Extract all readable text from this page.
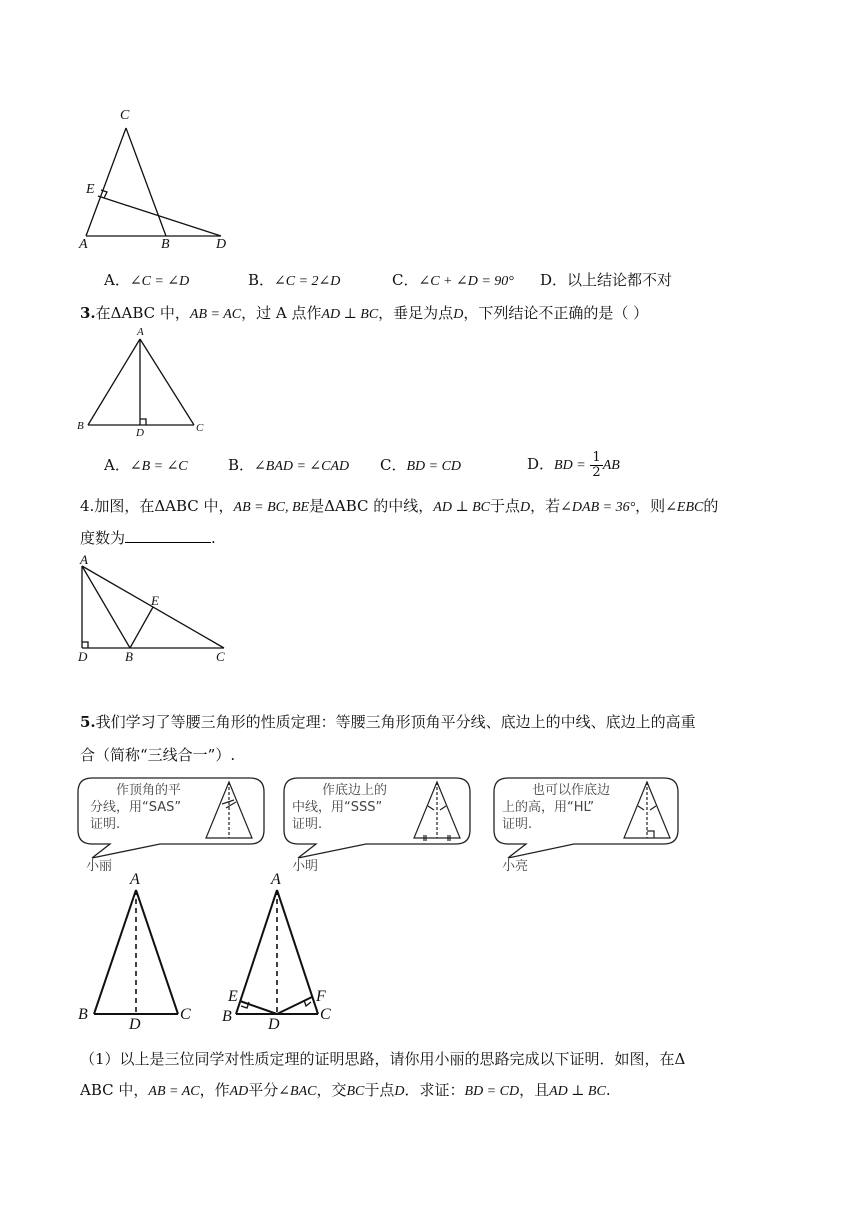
C
E
A	B	D
A．∠C = ∠D	B．∠C = 2∠D	C．∠C + ∠D = 90° D．以上结论都不对
3.在ΔABC 中，AB = AC，过 A 点作AD ⊥ BC，垂足为点D，下列结论不正确的是（ ）
A
B	C
D
A．∠B = ∠C	B．∠BAD = ∠CAD C．BD = CD	D．BD = $\frac{1}{2}$ AB
4.加图，在ΔABC 中，AB = BC, BE是ΔABC 的中线，AD ⊥ BC于点D，若∠DAB = 36°，则∠EBC的
度数为	.
A
E
D	B	C
5.我们学习了等腰三角形的性质定理：等腰三角形顶角平分线、底边上的中线、底边上的高重
合（简称“三线合一”）.
作顶角的平
分线，用“SAS”
证明.
作底边上的
中线，用“SSS”
证明.
也可以作底边
上的高，用“HL”
证明.
小丽	小明	小亮
A
B	C
D
A
B	C
D
E	F
（1）以上是三位同学对性质定理的证明思路，请你用小丽的思路完成以下证明．如图，在Δ
ABC 中，AB = AC，作AD平分∠BAC，交BC于点D．求证：BD = CD，且AD ⊥ BC.
